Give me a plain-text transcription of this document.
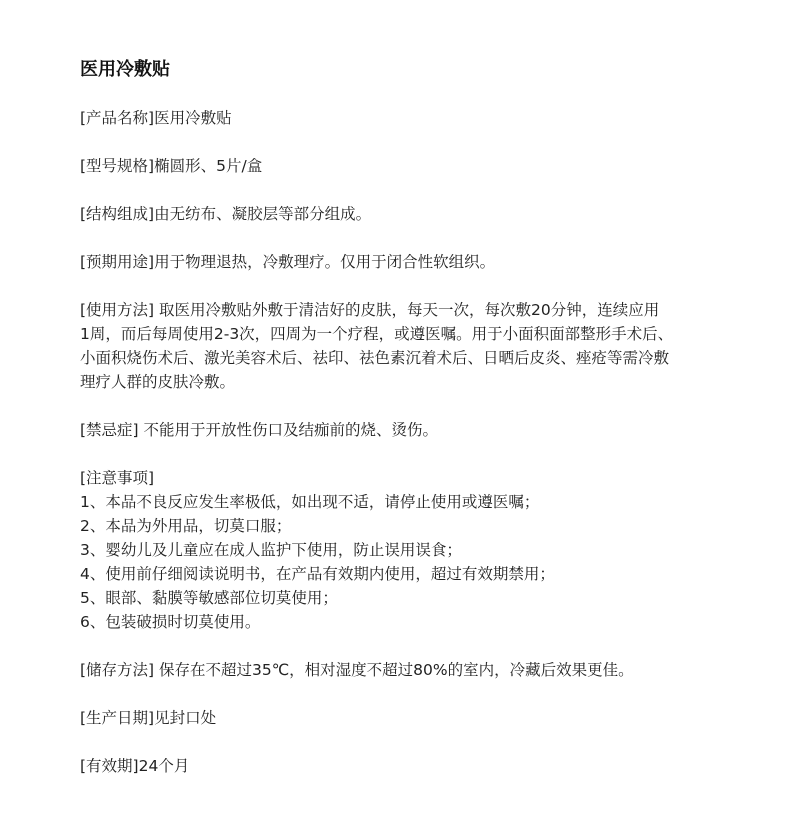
医用冷敷贴
[产品名称]医用冷敷贴
[型号规格]椭圆形、5片/盒
[结构组成]由无纺布、凝胶层等部分组成。
[预期用途]用于物理退热，冷敷理疗。仅用于闭合性软组织。
[使用方法] 取医用冷敷贴外敷于清洁好的皮肤，每天一次，每次敷20分钟，连续应用
1周，而后每周使用2-3次，四周为一个疗程，或遵医嘱。用于小面积面部整形手术后、
小面积烧伤术后、激光美容术后、祛印、祛色素沉着术后、日晒后皮炎、痤疮等需冷敷
理疗人群的皮肤冷敷。
[禁忌症] 不能用于开放性伤口及结痂前的烧、烫伤。
[注意事项]
1、本品不良反应发生率极低，如出现不适，请停止使用或遵医嘱；
2、本品为外用品，切莫口服；
3、婴幼儿及儿童应在成人监护下使用，防止误用误食；
4、使用前仔细阅读说明书，在产品有效期内使用，超过有效期禁用；
5、眼部、黏膜等敏感部位切莫使用；
6、包装破损时切莫使用。
[储存方法] 保存在不超过35℃，相对湿度不超过80%的室内，冷藏后效果更佳。
[生产日期]见封口处
[有效期]24个月
